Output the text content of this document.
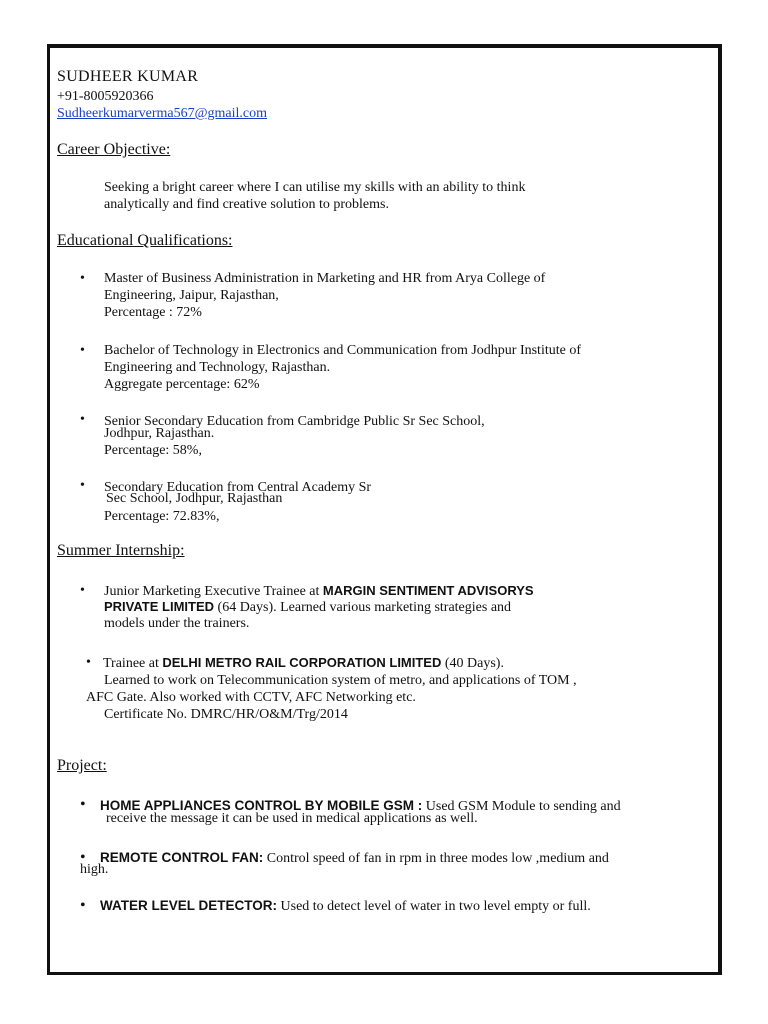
SUDHEER KUMAR
+91-8005920366
Sudheerkumarverma567@gmail.com
Career Objective:
Seeking a bright career where I can utilise my skills with an ability to think
analytically and find creative solution to problems.
Educational Qualifications:
• Master of Business Administration in Marketing and HR from Arya College of
Engineering, Jaipur, Rajasthan,
Percentage : 72%
• Bachelor of Technology in Electronics and Communication from Jodhpur Institute of
Engineering and Technology, Rajasthan.
Aggregate percentage: 62%
• Senior Secondary Education from Cambridge Public Sr Sec School,
Jodhpur, Rajasthan.
Percentage: 58%,
• Secondary Education from Central Academy Sr
Sec School, Jodhpur, Rajasthan
Percentage: 72.83%,
Summer Internship:
• Junior Marketing Executive Trainee at MARGIN SENTIMENT ADVISORYS
PRIVATE LIMITED (64 Days). Learned various marketing strategies and
models under the trainers.
• Trainee at DELHI METRO RAIL CORPORATION LIMITED (40 Days).
Learned to work on Telecommunication system of metro, and applications of TOM ,
AFC Gate. Also worked with CCTV, AFC Networking etc.
Certificate No. DMRC/HR/O&M/Trg/2014
Project:
• HOME APPLIANCES CONTROL BY MOBILE GSM : Used GSM Module to sending and
receive the message it can be used in medical applications as well.
• REMOTE CONTROL FAN: Control speed of fan in rpm in three modes low ,medium and
high.
• WATER LEVEL DETECTOR: Used to detect level of water in two level empty or full.
